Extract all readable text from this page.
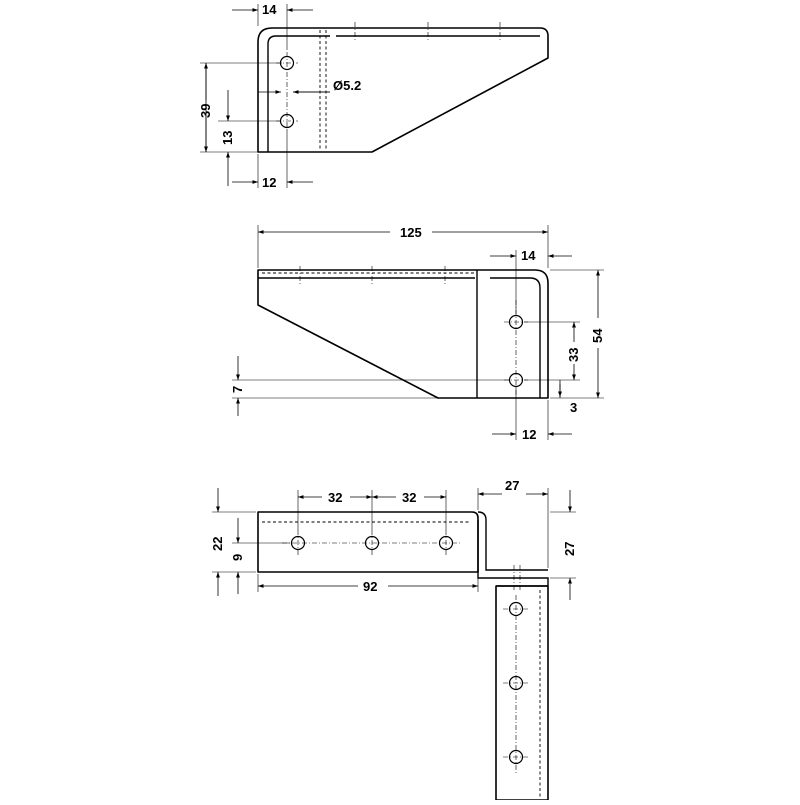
14
Ø5.2
39
13
12
125
14
54
33
3
7
12
32	32
27
27
22
9
92
